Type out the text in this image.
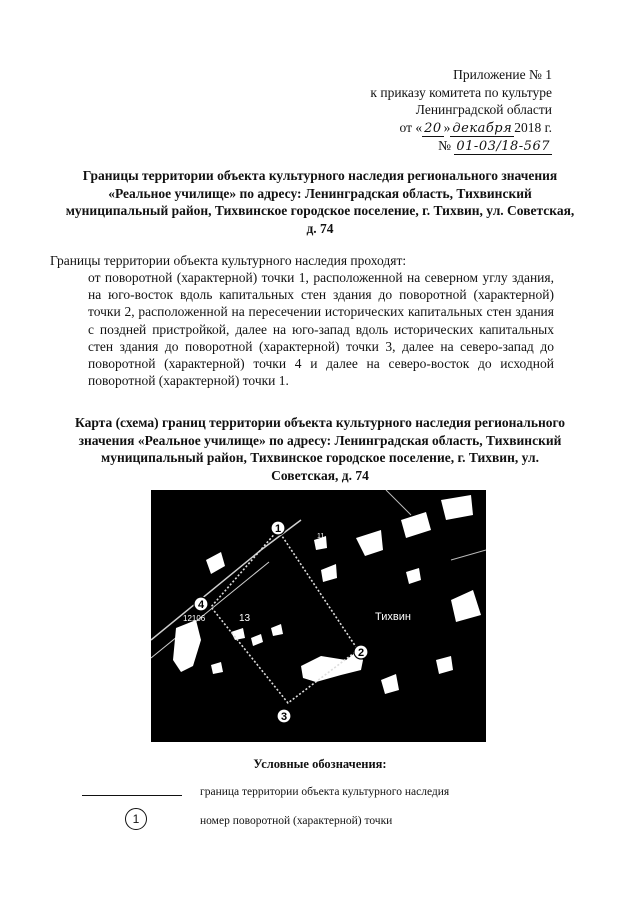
Приложение № 1
к приказу комитета по культуре
Ленинградской области
от « 20 » декабря 2018 г.
№ 01-03/18-567
Границы территории объекта культурного наследия регионального значения «Реальное училище» по адресу: Ленинградская область, Тихвинский муниципальный район, Тихвинское городское поселение, г. Тихвин, ул. Советская, д. 74
Границы территории объекта культурного наследия проходят:
от поворотной (характерной) точки 1, расположенной на северном углу здания, на юго-восток вдоль капитальных стен здания до поворотной (характерной) точки 2, расположенной на пересечении исторических капитальных стен здания с поздней пристройкой, далее на юго-запад вдоль исторических капитальных стен здания до поворотной (характерной) точки 3, далее на северо-запад до поворотной (характерной) точки 4 и далее на северо-восток до исходной поворотной (характерной) точки 1.
Карта (схема) границ территории объекта культурного наследия регионального значения «Реальное училище» по адресу: Ленинградская область, Тихвинский муниципальный район, Тихвинское городское поселение, г. Тихвин, ул. Советская, д. 74
1
2
3
4
Тихвин
13
12106
11
65
Условные обозначения:
граница территории объекта культурного наследия
1	номер поворотной (характерной) точки
